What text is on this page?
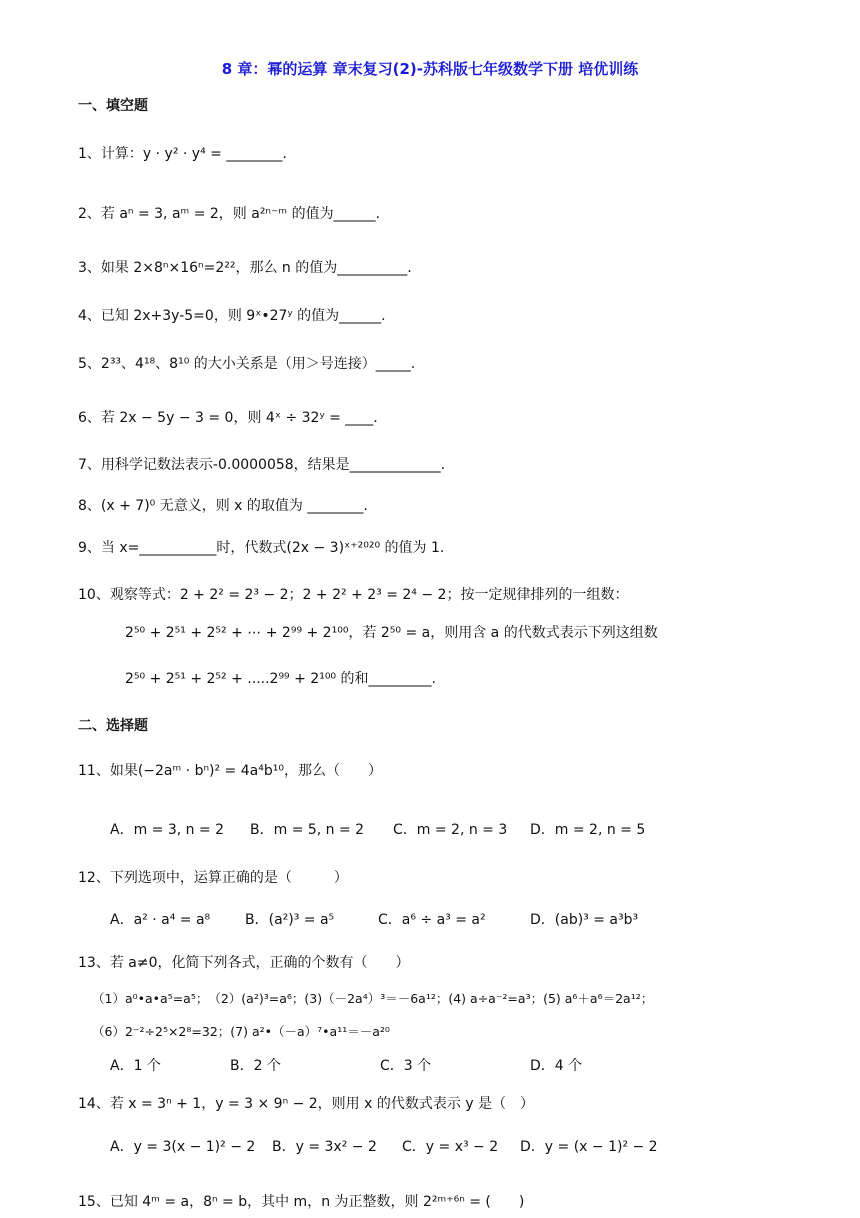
8 章：幂的运算 章末复习(2)-苏科版七年级数学下册 培优训练
一、填空题
1、计算：y · y² · y⁴ = ________.
2、若 aⁿ = 3, aᵐ = 2，则 a²ⁿ⁻ᵐ 的值为______.
3、如果 2×8ⁿ×16ⁿ=2²²，那么 n 的值为__________.
4、已知 2x+3y-5=0，则 9ˣ•27ʸ 的值为______.
5、2³³、4¹⁸、8¹⁰ 的大小关系是（用＞号连接）_____.
6、若 2x − 5y − 3 = 0，则 4ˣ ÷ 32ʸ = ____.
7、用科学记数法表示-0.0000058，结果是_____________.
8、(x + 7)⁰ 无意义，则 x 的取值为 ________.
9、当 x=___________时，代数式(2x − 3)ˣ⁺²⁰²⁰ 的值为 1.
10、观察等式：2 + 2² = 2³ − 2；2 + 2² + 2³ = 2⁴ − 2；按一定规律排列的一组数：
2⁵⁰ + 2⁵¹ + 2⁵² + ⋯ + 2⁹⁹ + 2¹⁰⁰，若 2⁵⁰ = a，则用含 a 的代数式表示下列这组数
2⁵⁰ + 2⁵¹ + 2⁵² + .....2⁹⁹ + 2¹⁰⁰ 的和_________.
二、选择题
11、如果(−2aᵐ · bⁿ)² = 4a⁴b¹⁰，那么（　　）
A．m = 3, n = 2 B．m = 5, n = 2 C．m = 2, n = 3 D．m = 2, n = 5
12、下列选项中，运算正确的是（　　　）
A．a² · a⁴ = a⁸ B．(a²)³ = a⁵	C．a⁶ ÷ a³ = a²	D．(ab)³ = a³b³
13、若 a≠0，化简下列各式，正确的个数有（　　）
（1）a⁰•a•a⁵=a⁵；　（2）(a²)³=a⁶；(3)（－2a⁴）³＝－6a¹²；(4) a÷a⁻²=a³；(5) a⁶＋a⁶＝2a¹²；
（6）2⁻²÷2⁵×2⁸=32；(7) a²•（－a）⁷•a¹¹＝－a²⁰
A．1 个	B．2 个	C．3 个	D．4 个
14、若 x = 3ⁿ + 1，y = 3 × 9ⁿ − 2，则用 x 的代数式表示 y 是（　）
A．y = 3(x − 1)² − 2 B．y = 3x² − 2 C．y = x³ − 2 D．y = (x − 1)² − 2
15、已知 4ᵐ = a，8ⁿ = b，其中 m，n 为正整数，则 2²ᵐ⁺⁶ⁿ = (　　)
